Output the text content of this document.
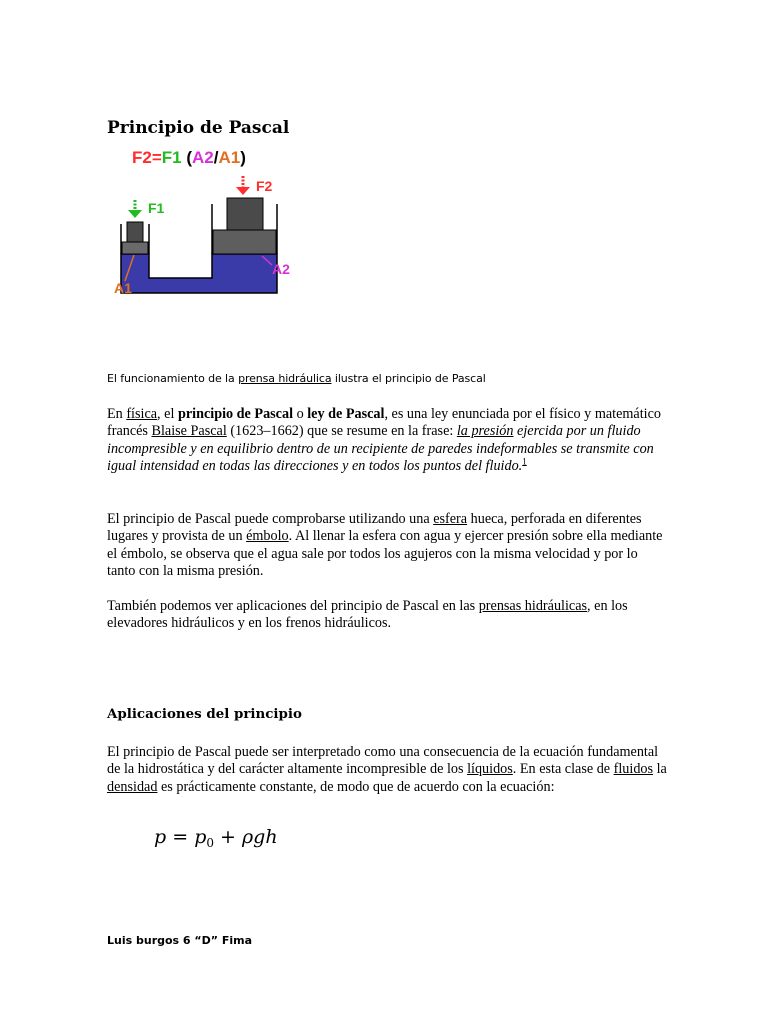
Principio de Pascal
F2=F1 (A2/A1)
F1
F2
A1
A2

El funcionamiento de la prensa hidráulica ilustra el principio de Pascal

En física, el principio de Pascal o ley de Pascal, es una ley enunciada por el físico y matemático francés Blaise Pascal (1623–1662) que se resume en la frase: la presión ejercida por un fluido incompresible y en equilibrio dentro de un recipiente de paredes indeformables se transmite con igual intensidad en todas las direcciones y en todos los puntos del fluido.$^1$

El principio de Pascal puede comprobarse utilizando una esfera hueca, perforada en diferentes lugares y provista de un émbolo. Al llenar la esfera con agua y ejercer presión sobre ella mediante el émbolo, se observa que el agua sale por todos los agujeros con la misma velocidad y por lo tanto con la misma presión.

También podemos ver aplicaciones del principio de Pascal en las prensas hidráulicas, en los elevadores hidráulicos y en los frenos hidráulicos.

Aplicaciones del principio

El principio de Pascal puede ser interpretado como una consecuencia de la ecuación fundamental de la hidrostática y del carácter altamente incompresible de los líquidos. En esta clase de fluidos la densidad es prácticamente constante, de modo que de acuerdo con la ecuación:

$p = p_0 + \rho gh$

Luis burgos 6 “D” Fima
